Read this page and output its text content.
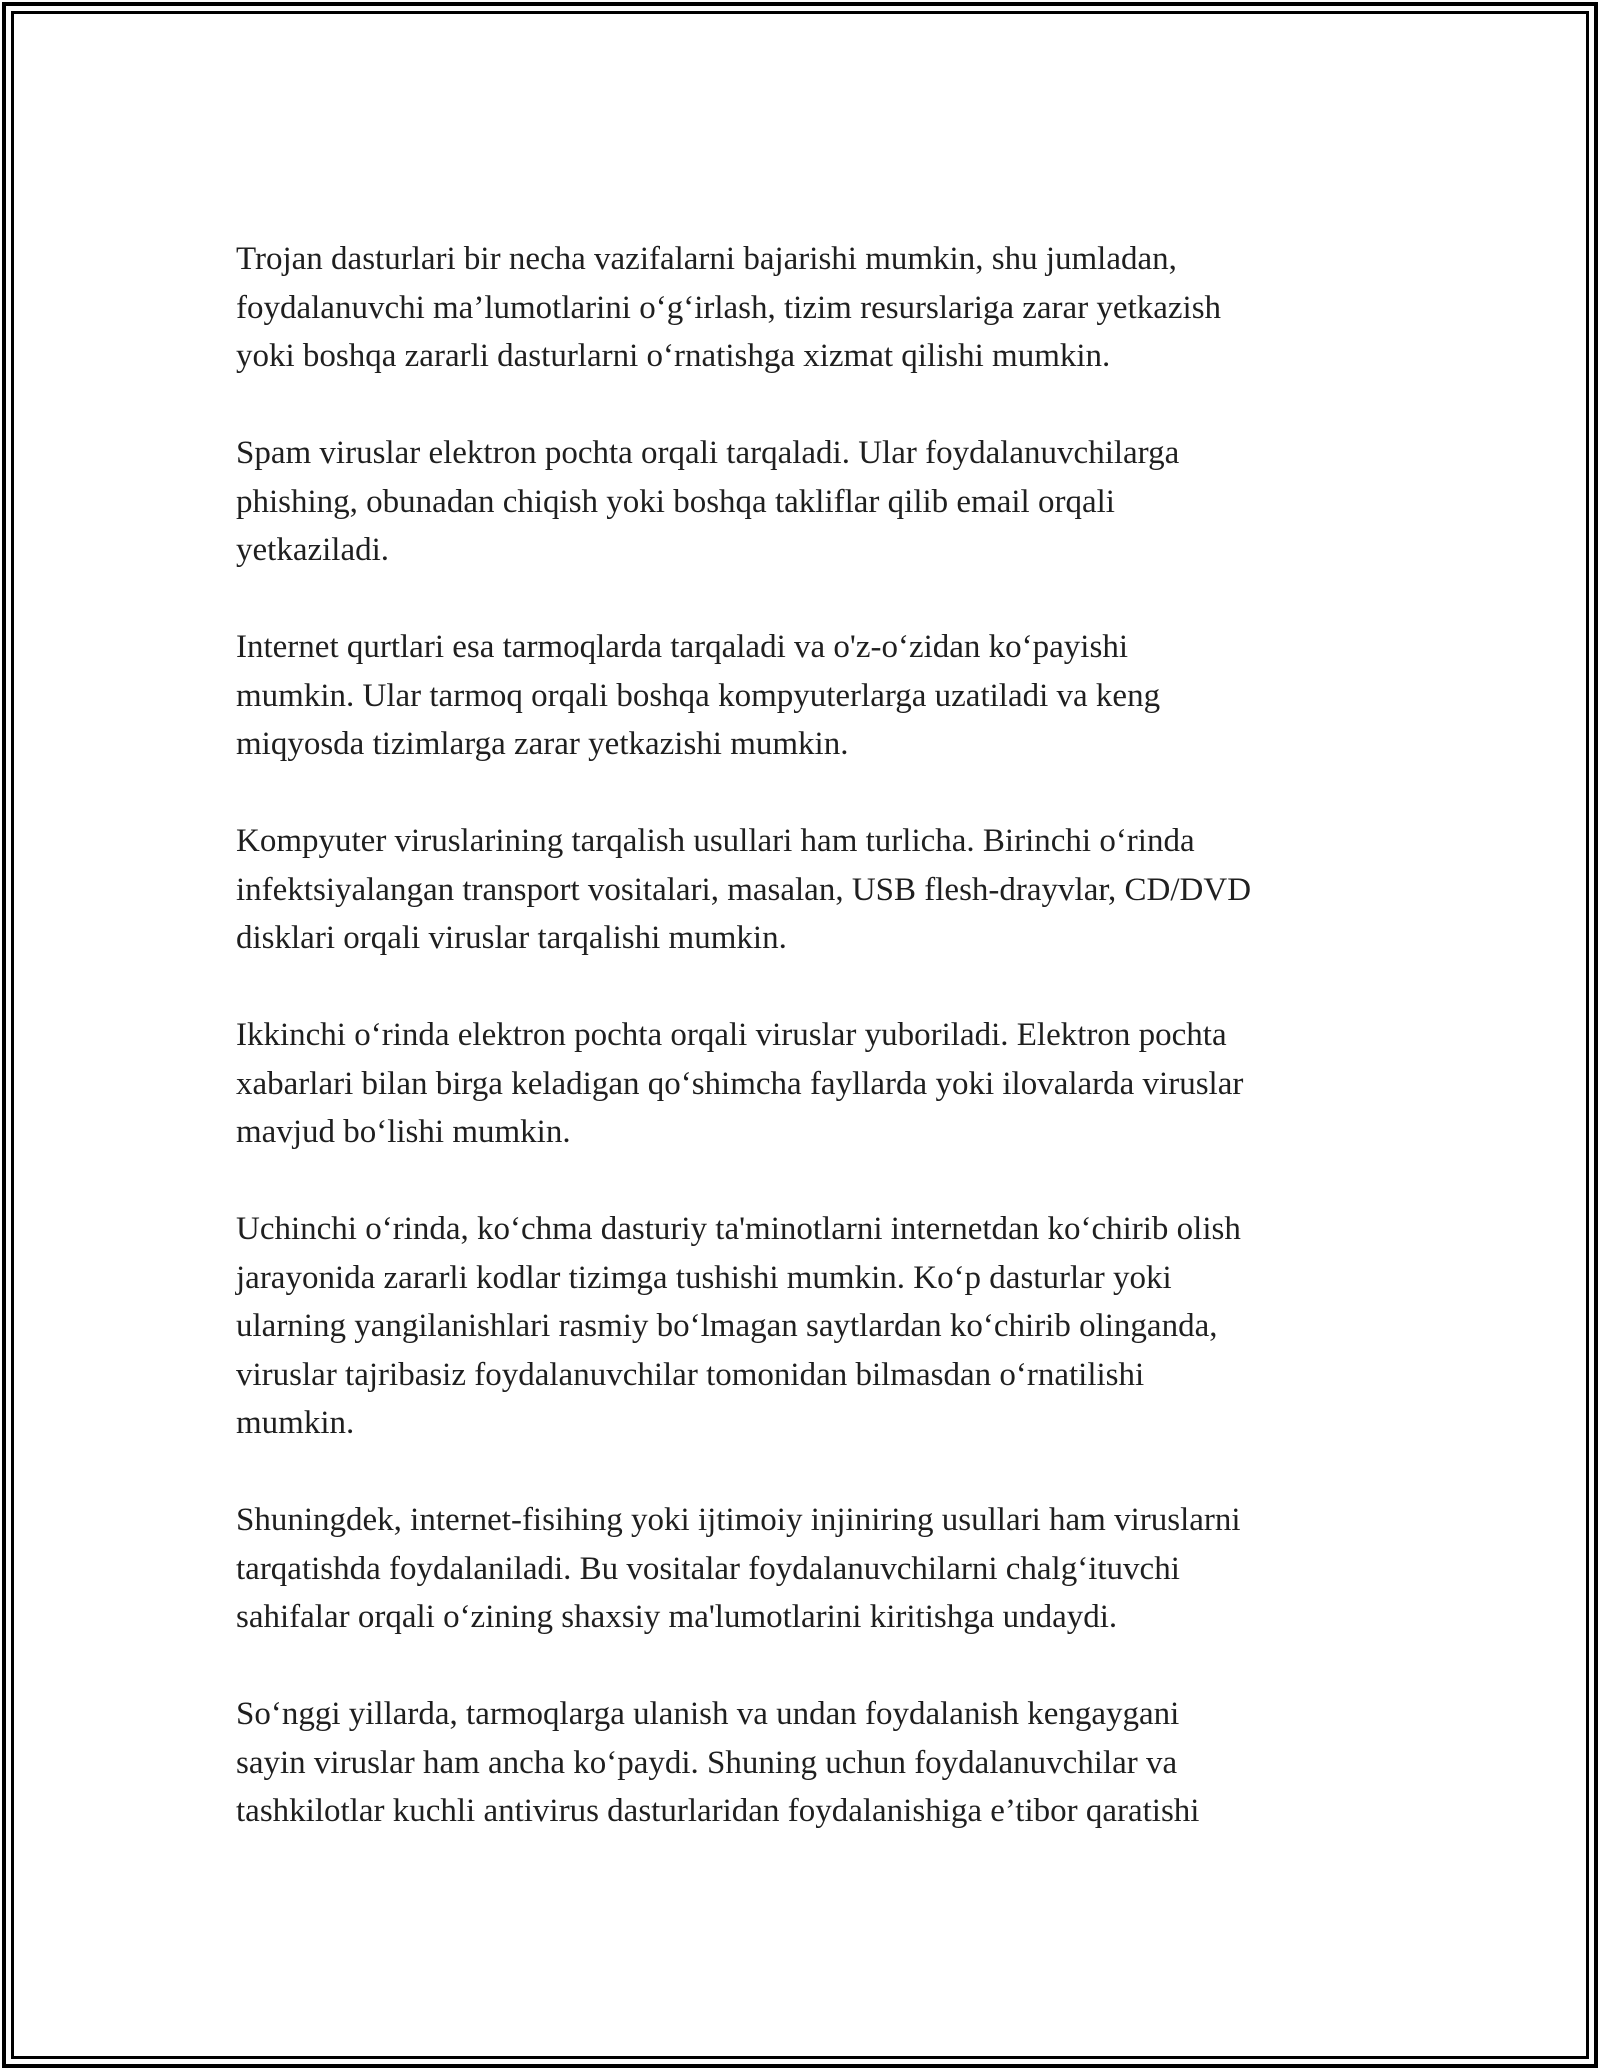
Trojan dasturlari bir necha vazifalarni bajarishi mumkin, shu jumladan,
foydalanuvchi ma’lumotlarini o‘g‘irlash, tizim resurslariga zarar yetkazish
yoki boshqa zararli dasturlarni o‘rnatishga xizmat qilishi mumkin.

Spam viruslar elektron pochta orqali tarqaladi. Ular foydalanuvchilarga
phishing, obunadan chiqish yoki boshqa takliflar qilib email orqali
yetkaziladi.

Internet qurtlari esa tarmoqlarda tarqaladi va o'z-o‘zidan ko‘payishi
mumkin. Ular tarmoq orqali boshqa kompyuterlarga uzatiladi va keng
miqyosda tizimlarga zarar yetkazishi mumkin.

Kompyuter viruslarining tarqalish usullari ham turlicha. Birinchi o‘rinda
infektsiyalangan transport vositalari, masalan, USB flesh-drayvlar, CD/DVD
disklari orqali viruslar tarqalishi mumkin.

Ikkinchi o‘rinda elektron pochta orqali viruslar yuboriladi. Elektron pochta
xabarlari bilan birga keladigan qo‘shimcha fayllarda yoki ilovalarda viruslar
mavjud bo‘lishi mumkin.

Uchinchi o‘rinda, ko‘chma dasturiy ta'minotlarni internetdan ko‘chirib olish
jarayonida zararli kodlar tizimga tushishi mumkin. Ko‘p dasturlar yoki
ularning yangilanishlari rasmiy bo‘lmagan saytlardan ko‘chirib olinganda,
viruslar tajribasiz foydalanuvchilar tomonidan bilmasdan o‘rnatilishi
mumkin.

Shuningdek, internet-fisihing yoki ijtimoiy injiniring usullari ham viruslarni
tarqatishda foydalaniladi. Bu vositalar foydalanuvchilarni chalg‘ituvchi
sahifalar orqali o‘zining shaxsiy ma'lumotlarini kiritishga undaydi.

So‘nggi yillarda, tarmoqlarga ulanish va undan foydalanish kengaygani
sayin viruslar ham ancha ko‘paydi. Shuning uchun foydalanuvchilar va
tashkilotlar kuchli antivirus dasturlaridan foydalanishiga e’tibor qaratishi
